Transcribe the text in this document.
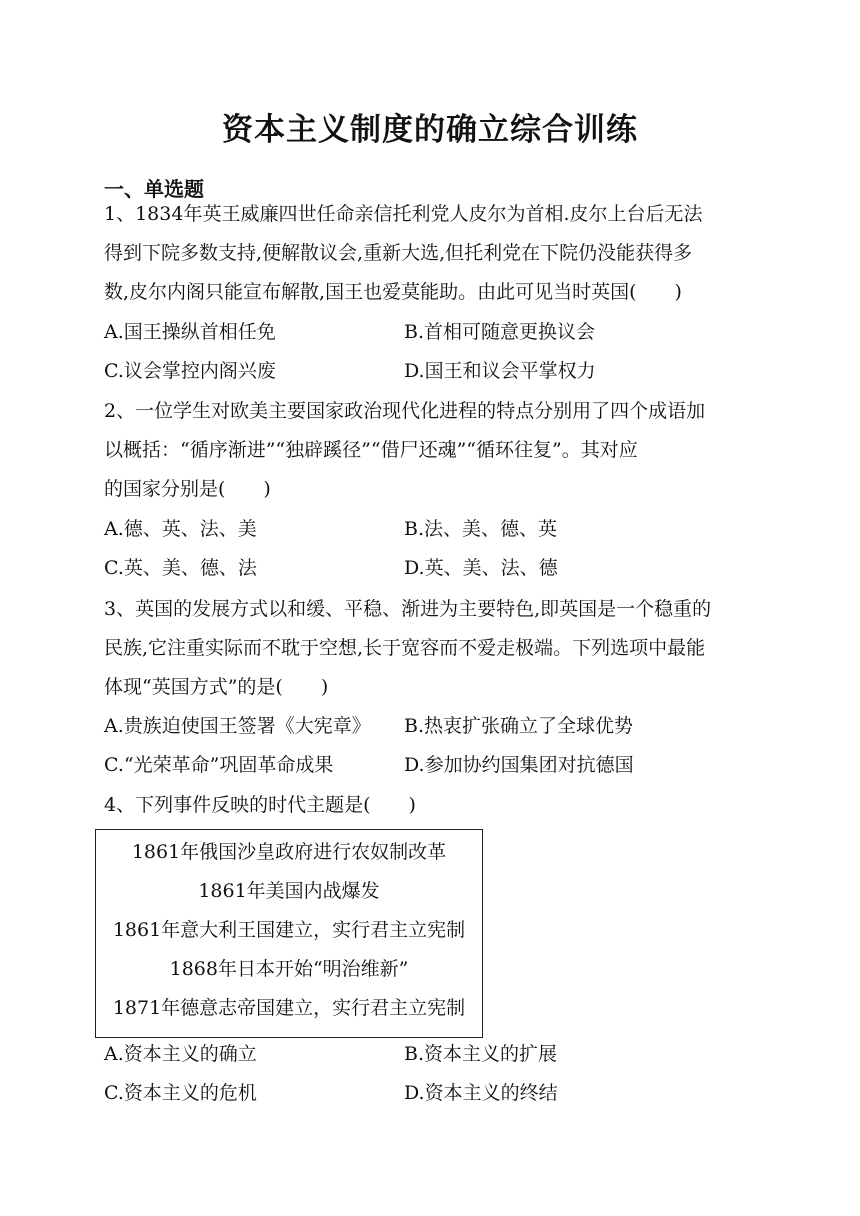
资本主义制度的确立综合训练
一、单选题
1、1834年英王威廉四世任命亲信托利党人皮尔为首相.皮尔上台后无法
得到下院多数支持,便解散议会,重新大选,但托利党在下院仍没能获得多
数,皮尔内阁只能宣布解散,国王也爱莫能助。由此可见当时英国(　　)
A.国王操纵首相任免	B.首相可随意更换议会
C.议会掌控内阁兴废	D.国王和议会平掌权力
2、一位学生对欧美主要国家政治现代化进程的特点分别用了四个成语加
以概括：“循序渐进”“独辟蹊径”“借尸还魂”“循环往复”。其对应
的国家分别是(　　)
A.德、英、法、美	B.法、美、德、英
C.英、美、德、法	D.英、美、法、德
3、英国的发展方式以和缓、平稳、渐进为主要特色,即英国是一个稳重的
民族,它注重实际而不耽于空想,长于宽容而不爱走极端。下列选项中最能
体现“英国方式”的是(　　)
A.贵族迫使国王签署《大宪章》 B.热衷扩张确立了全球优势
C.“光荣革命”巩固革命成果	D.参加协约国集团对抗德国
4、下列事件反映的时代主题是(　　)
1861年俄国沙皇政府进行农奴制改革
1861年美国内战爆发
1861年意大利王国建立，实行君主立宪制
1868年日本开始“明治维新”
1871年德意志帝国建立，实行君主立宪制
A.资本主义的确立	B.资本主义的扩展
C.资本主义的危机	D.资本主义的终结
